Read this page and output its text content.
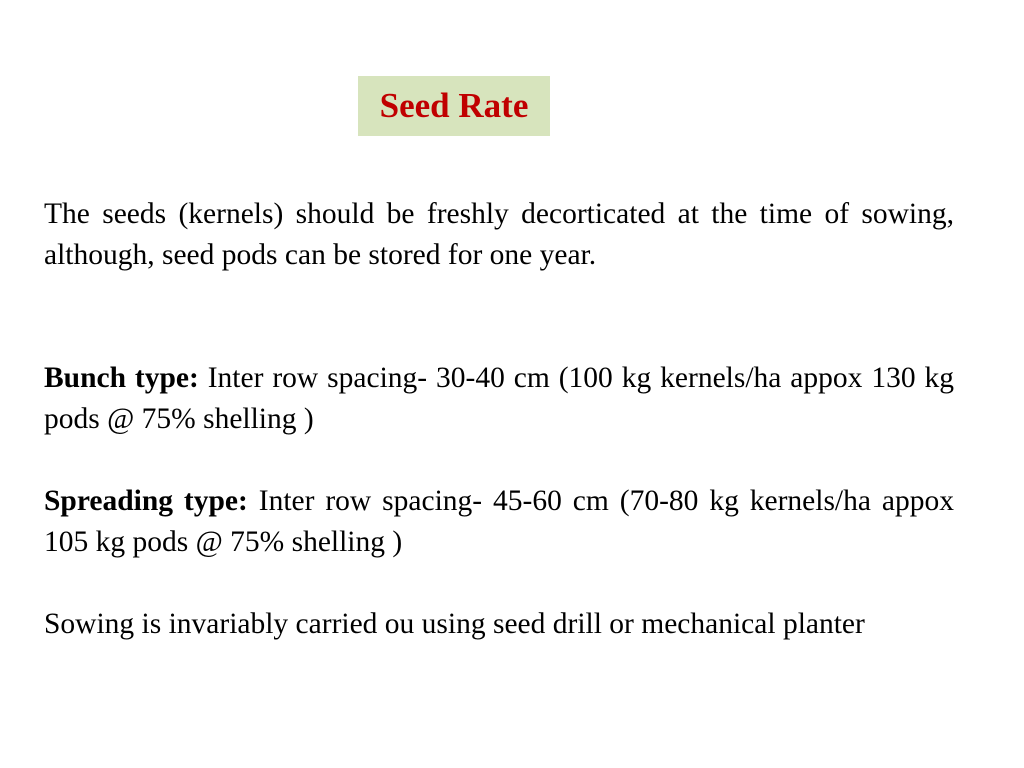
Seed Rate

The seeds (kernels) should be freshly decorticated at the time of sowing, although, seed pods can be stored for one year.

Bunch type: Inter row spacing- 30-40 cm (100 kg kernels/ha appox 130 kg pods @ 75% shelling )

Spreading type: Inter row spacing- 45-60 cm (70-80 kg kernels/ha appox 105 kg pods @ 75% shelling )

Sowing is invariably carried ou using seed drill or mechanical planter
